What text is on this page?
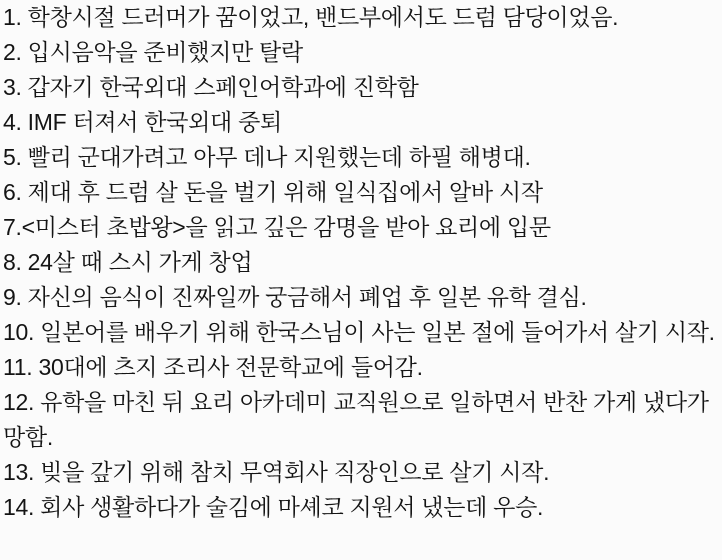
1. 학창시절 드러머가 꿈이었고, 밴드부에서도 드럼 담당이었음.

2. 입시음악을 준비했지만 탈락

3. 갑자기 한국외대 스페인어학과에 진학함

4. IMF 터져서 한국외대 중퇴

5. 빨리 군대가려고 아무 데나 지원했는데 하필 해병대.

6. 제대 후 드럼 살 돈을 벌기 위해 일식집에서 알바 시작

7.<미스터 초밥왕>을 읽고 깊은 감명을 받아 요리에 입문

8. 24살 때 스시 가게 창업

9. 자신의 음식이 진짜일까 궁금해서 폐업 후 일본 유학 결심.

10. 일본어를 배우기 위해 한국스님이 사는 일본 절에 들어가서 살기 시작.

11. 30대에 츠지 조리사 전문학교에 들어감.

12. 유학을 마친 뒤 요리 아카데미 교직원으로 일하면서 반찬 가게 냈다가 망함.

13. 빚을 갚기 위해 참치 무역회사 직장인으로 살기 시작.

14. 회사 생활하다가 술김에 마셰코 지원서 냈는데 우승.
